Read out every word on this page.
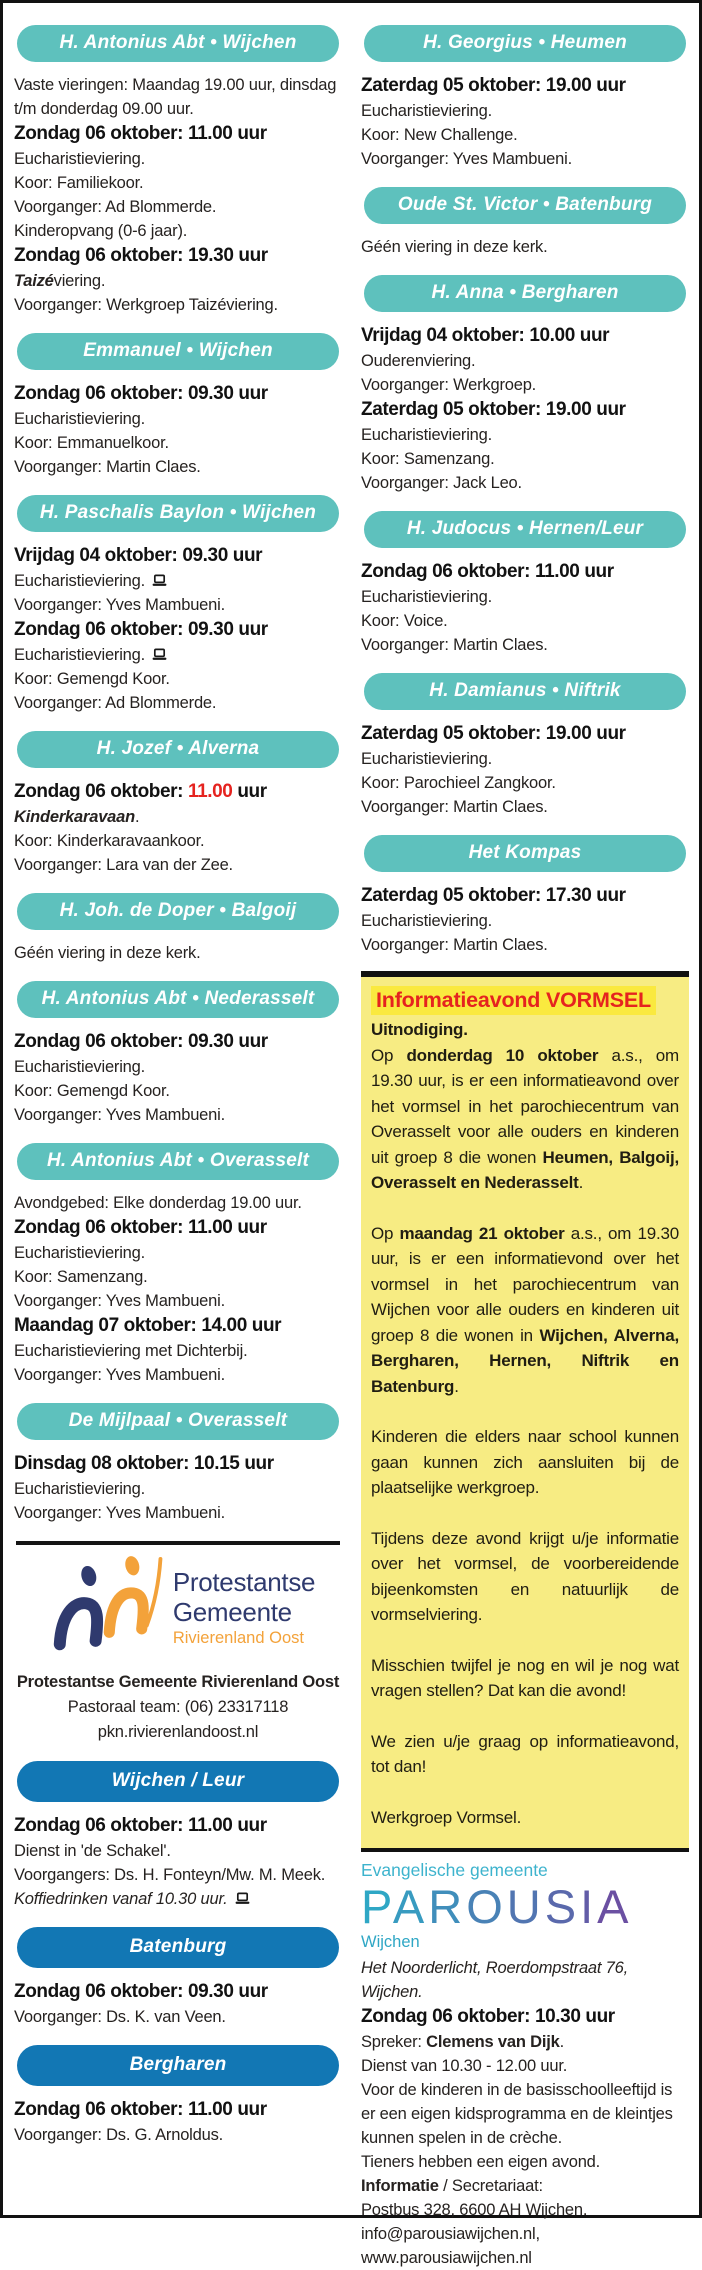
H. Antonius Abt • Wijchen
Vaste vieringen: Maandag 19.00 uur, dinsdag t/m donderdag 09.00 uur.
Zondag 06 oktober: 11.00 uur
Eucharistieviering.
Koor: Familiekoor.
Voorganger: Ad Blommerde.
Kinderopvang (0-6 jaar).
Zondag 06 oktober: 19.30 uur
Taizéviering.
Voorganger: Werkgroep Taizéviering.
Emmanuel • Wijchen
Zondag 06 oktober: 09.30 uur
Eucharistieviering.
Koor: Emmanuelkoor.
Voorganger: Martin Claes.
H. Paschalis Baylon • Wijchen
Vrijdag 04 oktober: 09.30 uur
Eucharistieviering.
Voorganger: Yves Mambueni.
Zondag 06 oktober: 09.30 uur
Eucharistieviering.
Koor: Gemengd Koor.
Voorganger: Ad Blommerde.
H. Jozef • Alverna
Zondag 06 oktober: 11.00 uur
Kinderkaravaan.
Koor: Kinderkaravaankoor.
Voorganger: Lara van der Zee.
H. Joh. de Doper • Balgoij
Géén viering in deze kerk.
H. Antonius Abt • Nederasselt
Zondag 06 oktober: 09.30 uur
Eucharistieviering.
Koor: Gemengd Koor.
Voorganger: Yves Mambueni.
H. Antonius Abt • Overasselt
Avondgebed: Elke donderdag 19.00 uur.
Zondag 06 oktober: 11.00 uur
Eucharistieviering.
Koor: Samenzang.
Voorganger: Yves Mambueni.
Maandag 07 oktober: 14.00 uur
Eucharistieviering met Dichterbij.
Voorganger: Yves Mambueni.
De Mijlpaal • Overasselt
Dinsdag 08 oktober: 10.15 uur
Eucharistieviering.
Voorganger: Yves Mambueni.
Protestantse
Gemeente
Rivierenland Oost
Protestantse Gemeente Rivierenland Oost
Pastoraal team: (06) 23317118
pkn.rivierenlandoost.nl
Wijchen / Leur
Zondag 06 oktober: 11.00 uur
Dienst in 'de Schakel'.
Voorgangers: Ds. H. Fonteyn/Mw. M. Meek.
Koffiedrinken vanaf 10.30 uur.
Batenburg
Zondag 06 oktober: 09.30 uur
Voorganger: Ds. K. van Veen.
Bergharen
Zondag 06 oktober: 11.00 uur
Voorganger: Ds. G. Arnoldus.
H. Georgius • Heumen
Zaterdag 05 oktober: 19.00 uur
Eucharistieviering.
Koor: New Challenge.
Voorganger: Yves Mambueni.
Oude St. Victor • Batenburg
Géén viering in deze kerk.
H. Anna • Bergharen
Vrijdag 04 oktober: 10.00 uur
Ouderenviering.
Voorganger: Werkgroep.
Zaterdag 05 oktober: 19.00 uur
Eucharistieviering.
Koor: Samenzang.
Voorganger: Jack Leo.
H. Judocus • Hernen/Leur
Zondag 06 oktober: 11.00 uur
Eucharistieviering.
Koor: Voice.
Voorganger: Martin Claes.
H. Damianus • Niftrik
Zaterdag 05 oktober: 19.00 uur
Eucharistieviering.
Koor: Parochieel Zangkoor.
Voorganger: Martin Claes.
Het Kompas
Zaterdag 05 oktober: 17.30 uur
Eucharistieviering.
Voorganger: Martin Claes.
Informatieavond VORMSEL

Uitnodiging.

Op donderdag 10 oktober a.s., om 19.30 uur, is er een informatieavond over het vormsel in het parochiecentrum van Overasselt voor alle ouders en kinderen uit groep 8 die wonen Heumen, Balgoij, Overasselt en Nederasselt.

Op maandag 21 oktober a.s., om 19.30 uur, is er een informatievond over het vormsel in het parochiecentrum van Wijchen voor alle ouders en kinderen uit groep 8 die wonen in Wijchen, Alverna, Bergharen, Hernen, Niftrik en Batenburg.

Kinderen die elders naar school kunnen gaan kunnen zich aansluiten bij de plaatselijke werkgroep.

Tijdens deze avond krijgt u/je informatie over het vormsel, de voorbereidende bijeenkomsten en natuurlijk de vormselviering.

Misschien twijfel je nog en wil je nog wat vragen stellen? Dat kan die avond!

We zien u/je graag op informatieavond, tot dan!

Werkgroep Vormsel.

Evangelische gemeente
PAROUSIA
Wijchen
Het Noorderlicht, Roerdompstraat 76, Wijchen.
Zondag 06 oktober: 10.30 uur
Spreker: Clemens van Dijk.
Dienst van 10.30 - 12.00 uur.
Voor de kinderen in de basisschoolleeftijd is er een eigen kidsprogramma en de kleintjes kunnen spelen in de crèche.
Tieners hebben een eigen avond.
Informatie / Secretariaat:
Postbus 328, 6600 AH Wijchen.
info@parousiawijchen.nl, www.parousiawijchen.nl
